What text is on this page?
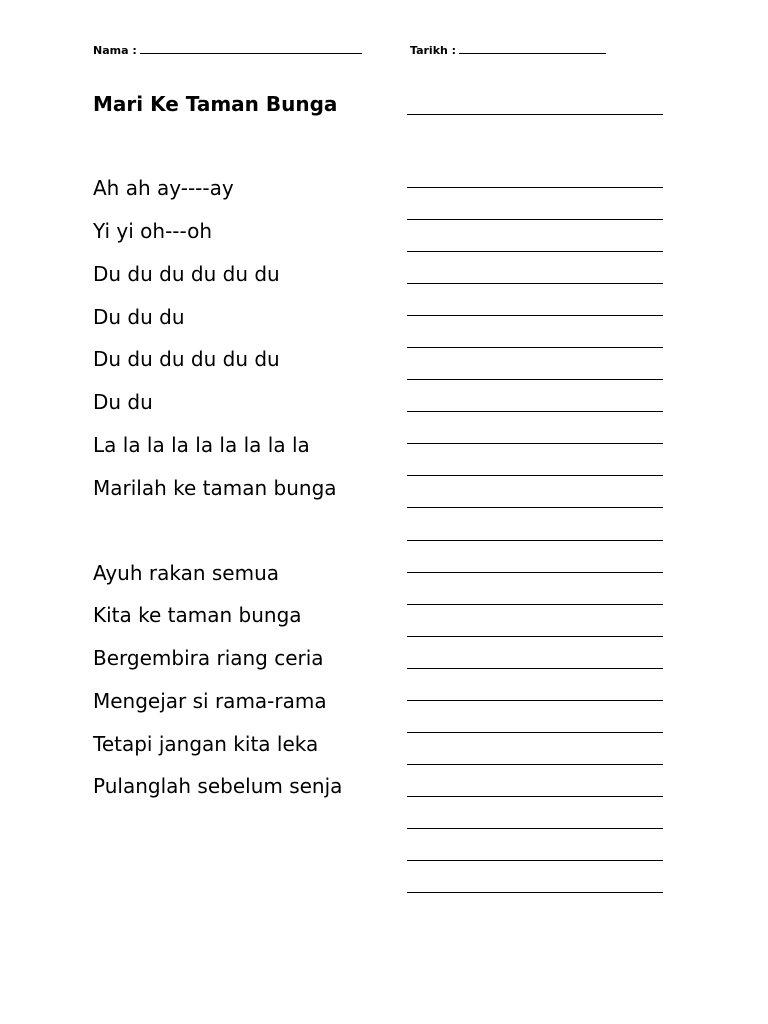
Nama :	Tarikh :
Mari Ke Taman Bunga
Ah ah ay----ay
Yi yi oh---oh
Du du du du du du
Du du du
Du du du du du du
Du du
La la la la la la la la la
Marilah ke taman bunga
Ayuh rakan semua
Kita ke taman bunga
Bergembira riang ceria
Mengejar si rama-rama
Tetapi jangan kita leka
Pulanglah sebelum senja
